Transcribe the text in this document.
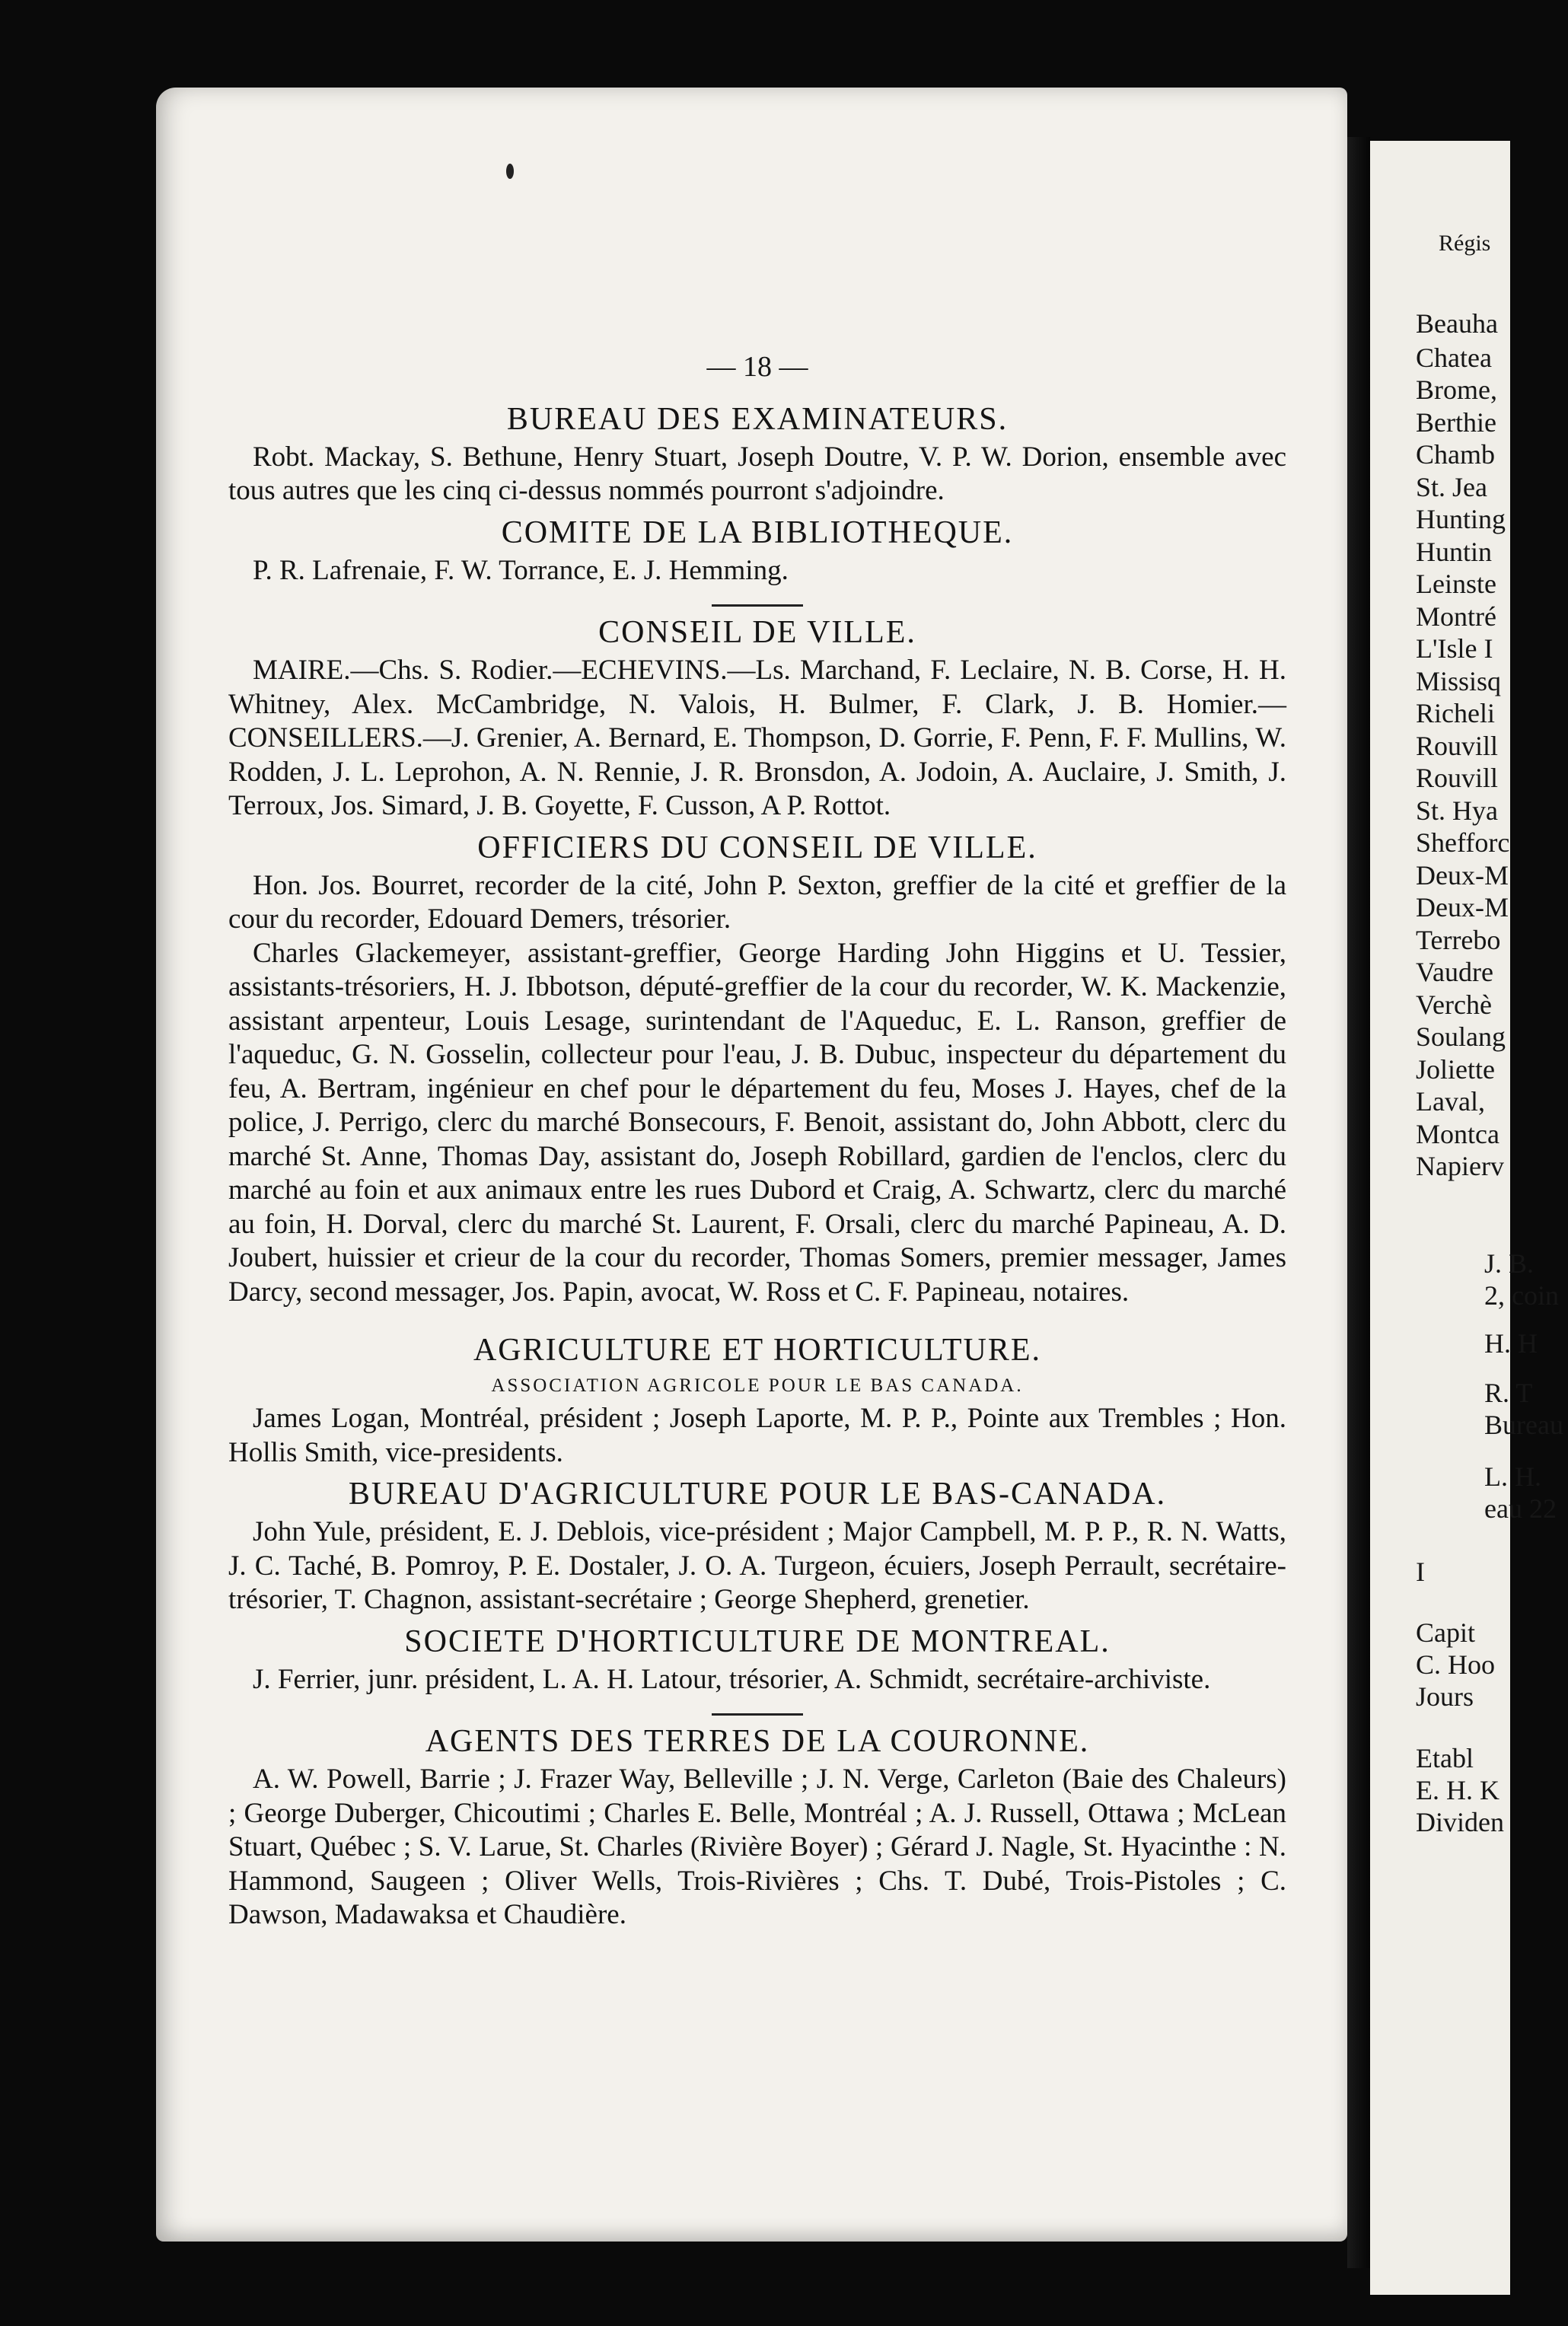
— 18 —
BUREAU DES EXAMINATEURS.

Robt. Mackay, S. Bethune, Henry Stuart, Joseph Doutre, V. P. W. Dorion, ensemble avec tous autres que les cinq ci-dessus nommés pourront s'adjoindre.

COMITE DE LA BIBLIOTHEQUE.

P. R. Lafrenaie, F. W. Torrance, E. J. Hemming.

CONSEIL DE VILLE.

MAIRE.—Chs. S. Rodier.—ECHEVINS.—Ls. Marchand, F. Leclaire, N. B. Corse, H. H. Whitney, Alex. McCambridge, N. Valois, H. Bulmer, F. Clark, J. B. Homier.—CONSEILLERS.—J. Grenier, A. Bernard, E. Thompson, D. Gorrie, F. Penn, F. F. Mullins, W. Rodden, J. L. Leprohon, A. N. Rennie, J. R. Bronsdon, A. Jodoin, A. Auclaire, J. Smith, J. Terroux, Jos. Simard, J. B. Goyette, F. Cusson, A P. Rottot.

OFFICIERS DU CONSEIL DE VILLE.

Hon. Jos. Bourret, recorder de la cité, John P. Sexton, greffier de la cité et greffier de la cour du recorder, Edouard Demers, trésorier.

Charles Glackemeyer, assistant-greffier, George Harding John Higgins et U. Tessier, assistants-trésoriers, H. J. Ibbotson, député-greffier de la cour du recorder, W. K. Mackenzie, assistant arpenteur, Louis Lesage, surintendant de l'Aqueduc, E. L. Ranson, greffier de l'aqueduc, G. N. Gosselin, collecteur pour l'eau, J. B. Dubuc, inspecteur du département du feu, A. Bertram, ingénieur en chef pour le département du feu, Moses J. Hayes, chef de la police, J. Perrigo, clerc du marché Bonsecours, F. Benoit, assistant do, John Abbott, clerc du marché St. Anne, Thomas Day, assistant do, Joseph Robillard, gardien de l'enclos, clerc du marché au foin et aux animaux entre les rues Dubord et Craig, A. Schwartz, clerc du marché au foin, H. Dorval, clerc du marché St. Laurent, F. Orsali, clerc du marché Papineau, A. D. Joubert, huissier et crieur de la cour du recorder, Thomas Somers, premier messager, James Darcy, second messager, Jos. Papin, avocat, W. Ross et C. F. Papineau, notaires.

AGRICULTURE ET HORTICULTURE.
ASSOCIATION AGRICOLE POUR LE BAS CANADA.

James Logan, Montréal, président ; Joseph Laporte, M. P. P., Pointe aux Trembles ; Hon. Hollis Smith, vice-presidents.

BUREAU D'AGRICULTURE POUR LE BAS-CANADA.

John Yule, président, E. J. Deblois, vice-président ; Major Campbell, M. P. P., R. N. Watts, J. C. Taché, B. Pomroy, P. E. Dostaler, J. O. A. Turgeon, écuiers, Joseph Perrault, secrétaire-trésorier, T. Chagnon, assistant-secrétaire ; George Shepherd, grenetier.

SOCIETE D'HORTICULTURE DE MONTREAL.

J. Ferrier, junr. président, L. A. H. Latour, trésorier, A. Schmidt, secrétaire-archiviste.

AGENTS DES TERRES DE LA COURONNE.

A. W. Powell, Barrie ; J. Frazer Way, Belleville ; J. N. Verge, Carleton (Baie des Chaleurs) ; George Duberger, Chicoutimi ; Charles E. Belle, Montréal ; A. J. Russell, Ottawa ; McLean Stuart, Québec ; S. V. Larue, St. Charles (Rivière Boyer) ; Gérard J. Nagle, St. Hyacinthe : N. Hammond, Saugeen ; Oliver Wells, Trois-Rivières ; Chs. T. Dubé, Trois-Pistoles ; C. Dawson, Madawaksa et Chaudière.

Régis
Beauha
Chatea
Brome,
Berthie
Chamb
St. Jea
Hunting
Huntin
Leinste
Montré
L'Isle I
Missisq
Richeli
Rouvill
Rouvill
St. Hya
Shefforc
Deux-M
Deux-M
Terrebo
Vaudre
Verchè
Soulang
Joliette
Laval,
Montca
Napierv
J. B.
2, coin
H. H
R. T
Bureau
L. H.
eau 22
I
Capit
C. Hoo
Jours
Etabl
E. H. K
Dividen
